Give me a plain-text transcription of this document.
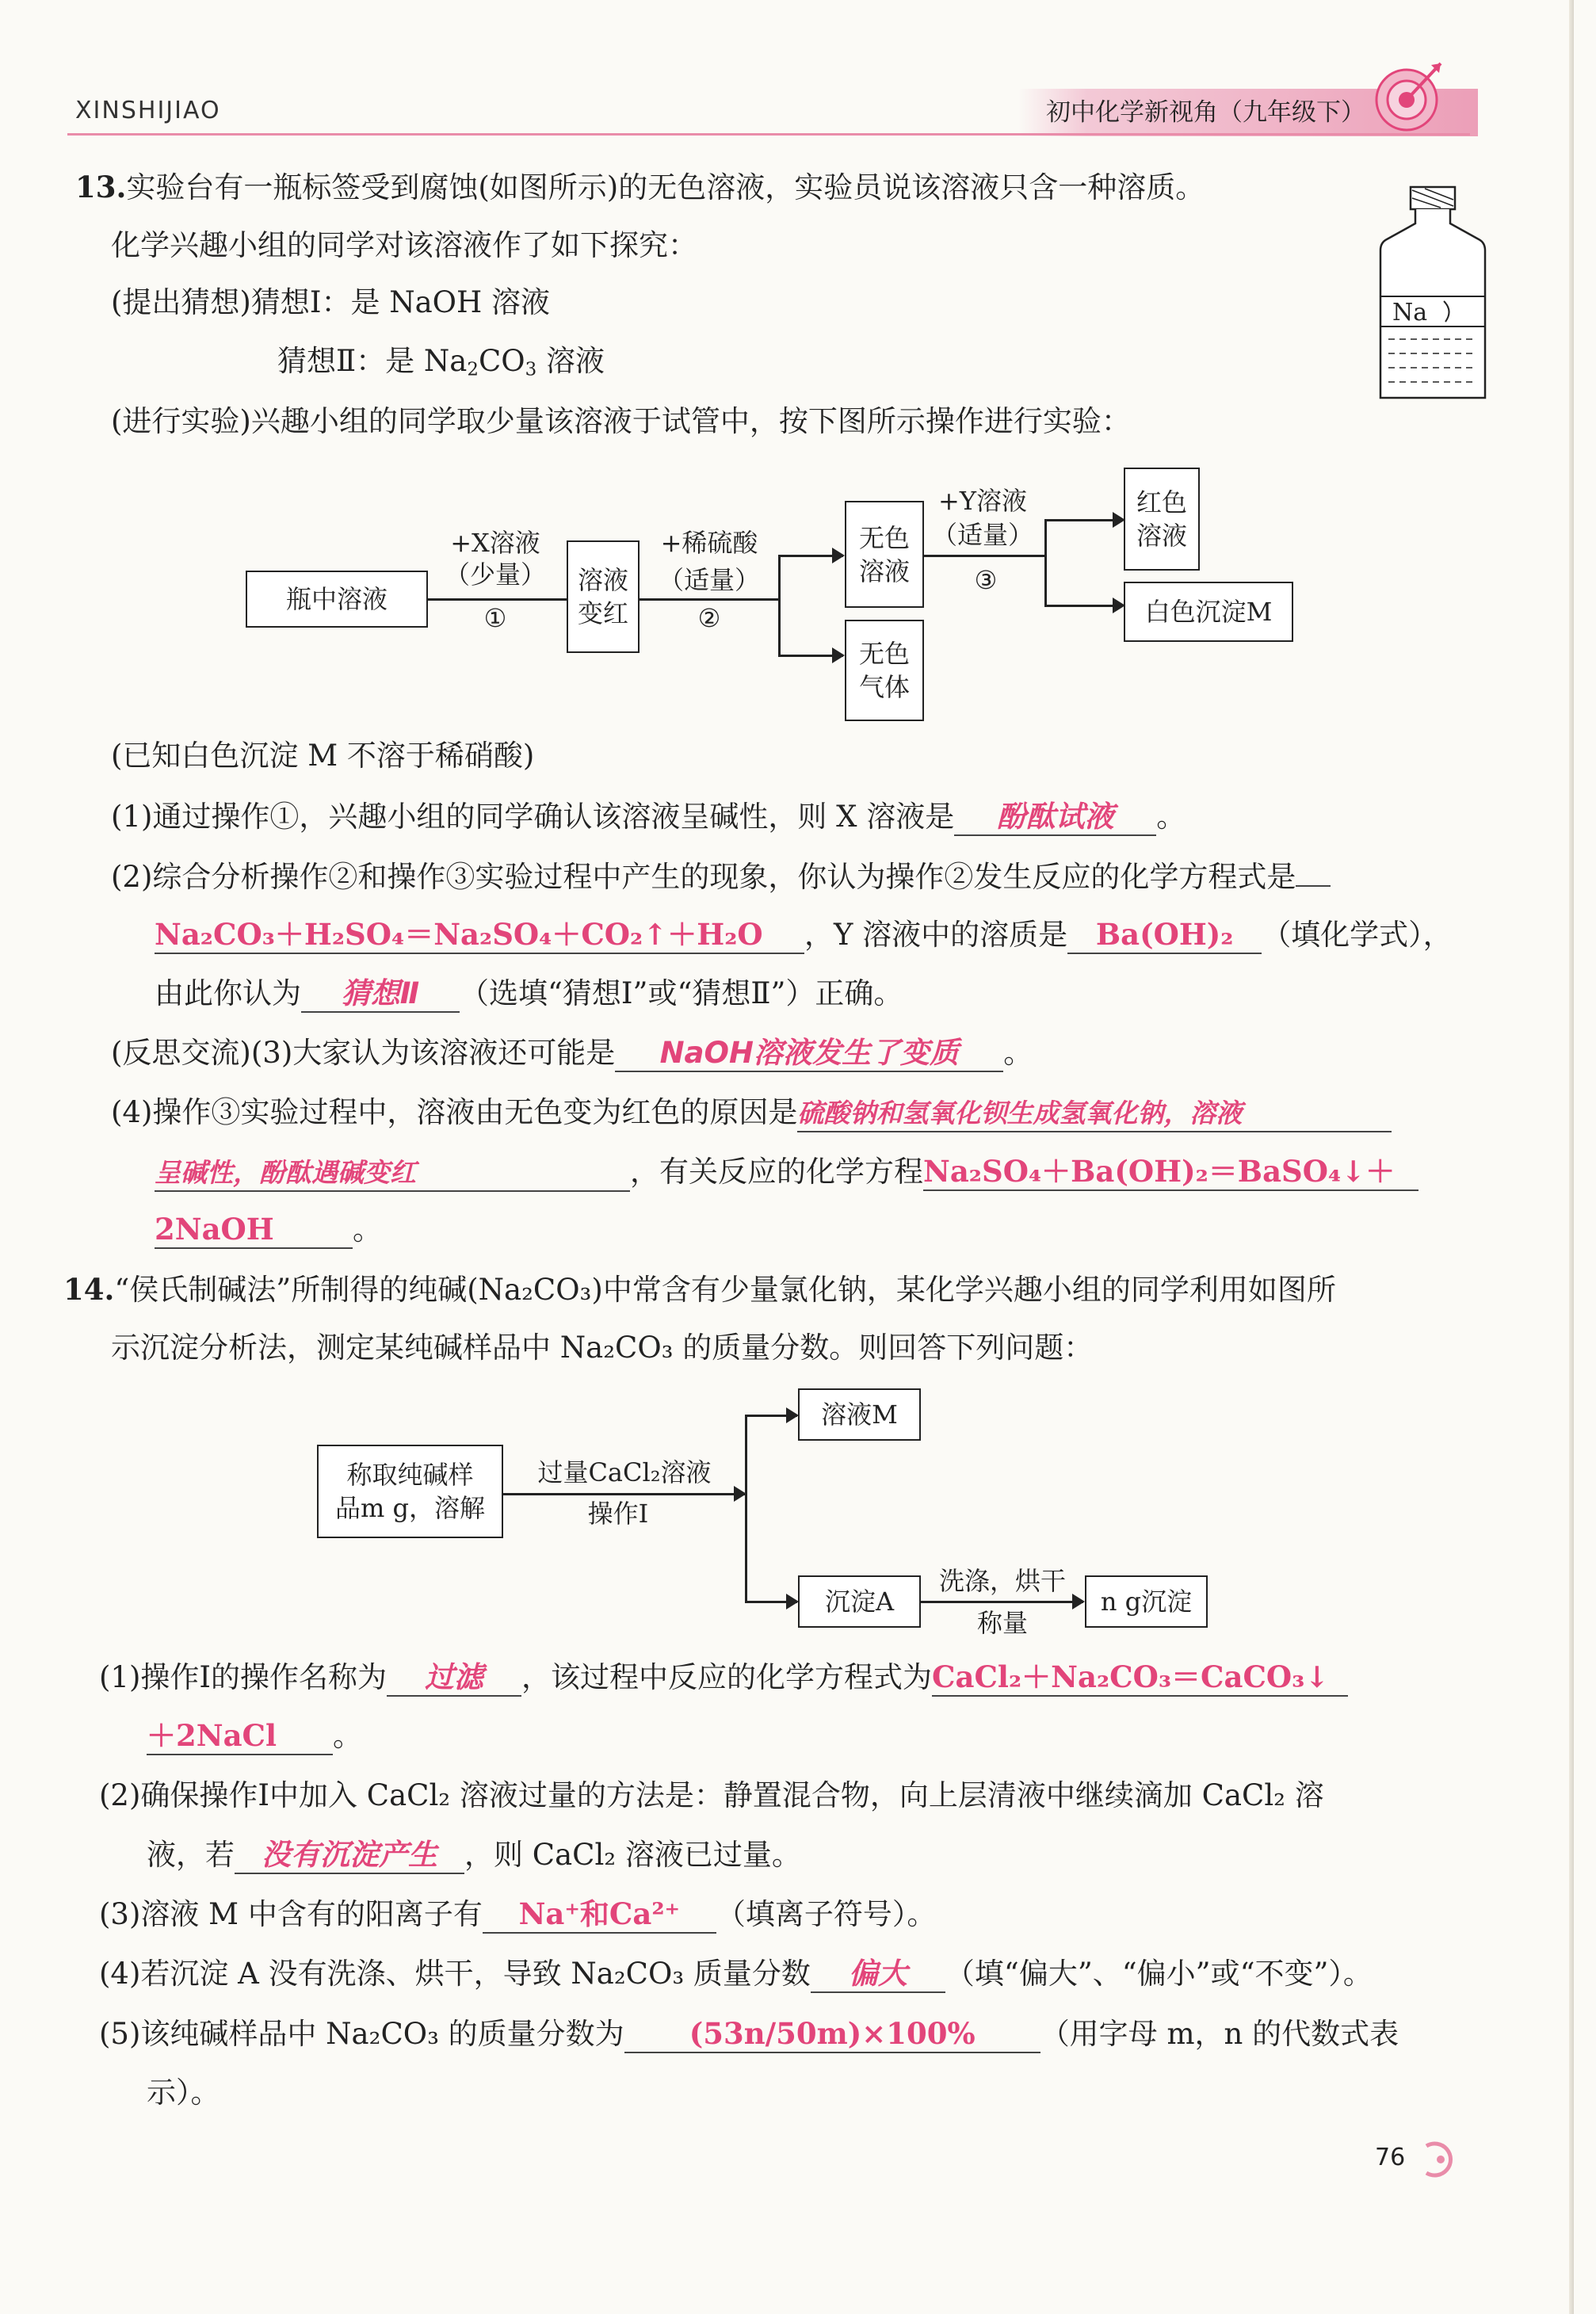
XINSHIJIAO	初中化学新视角（九年级下）
13.实验台有一瓶标签受到腐蚀(如图所示)的无色溶液，实验员说该溶液只含一种溶质。
化学兴趣小组的同学对该溶液作了如下探究：
(提出猜想)猜想Ⅰ：是 NaOH 溶液
猜想Ⅱ：是 $Na_2CO_3$ 溶液
(进行实验)兴趣小组的同学取少量该溶液于试管中，按下图所示操作进行实验：
Na
瓶中溶液
+X溶液
（少量）
①
溶液变红
+稀硫酸
（适量）
②
无色溶液
无色气体
+Y溶液
（适量）
③
红色溶液
白色沉淀M
(已知白色沉淀 M 不溶于稀硝酸)
(1)通过操作①，兴趣小组的同学确认该溶液呈碱性，则 X 溶液是 酚酞试液 。
(2)综合分析操作②和操作③实验过程中产生的现象，你认为操作②发生反应的化学方程式是
Na₂CO₃＋H₂SO₄＝Na₂SO₄＋CO₂↑＋H₂O ，Y 溶液中的溶质是 Ba(OH)₂ （填化学式），
由此你认为 猜想Ⅱ （选填“猜想Ⅰ”或“猜想Ⅱ”）正确。
(反思交流)(3)大家认为该溶液还可能是 NaOH溶液发生了变质 。
(4)操作③实验过程中，溶液由无色变为红色的原因是硫酸钠和氢氧化钡生成氢氧化钠，溶液
呈碱性，酚酞遇碱变红	，有关反应的化学方程Na₂SO₄＋Ba(OH)₂＝BaSO₄↓＋
2NaOH	。
14.“侯氏制碱法”所制得的纯碱(Na₂CO₃)中常含有少量氯化钠，某化学兴趣小组的同学利用如图所
示沉淀分析法，测定某纯碱样品中 Na₂CO₃ 的质量分数。则回答下列问题：
称取纯碱样
品m g，溶解
过量CaCl₂溶液
操作Ⅰ
溶液M
沉淀A
洗涤，烘干
称量
n g沉淀
(1)操作Ⅰ的操作名称为 过滤 ，该过程中反应的化学方程式为CaCl₂＋Na₂CO₃＝CaCO₃↓
＋2NaCl 。
(2)确保操作Ⅰ中加入 CaCl₂ 溶液过量的方法是：静置混合物，向上层清液中继续滴加 CaCl₂ 溶
液，若 没有沉淀产生 ，则 CaCl₂ 溶液已过量。
(3)溶液 M 中含有的阳离子有 Na⁺和Ca²⁺ （填离子符号）。
(4)若沉淀 A 没有洗涤、烘干，导致 Na₂CO₃ 质量分数 偏大 （填“偏大”、“偏小”或“不变”）。
(5)该纯碱样品中 Na₂CO₃ 的质量分数为 (53n/50m)×100% （用字母 m，n 的代数式表
示）。
76
